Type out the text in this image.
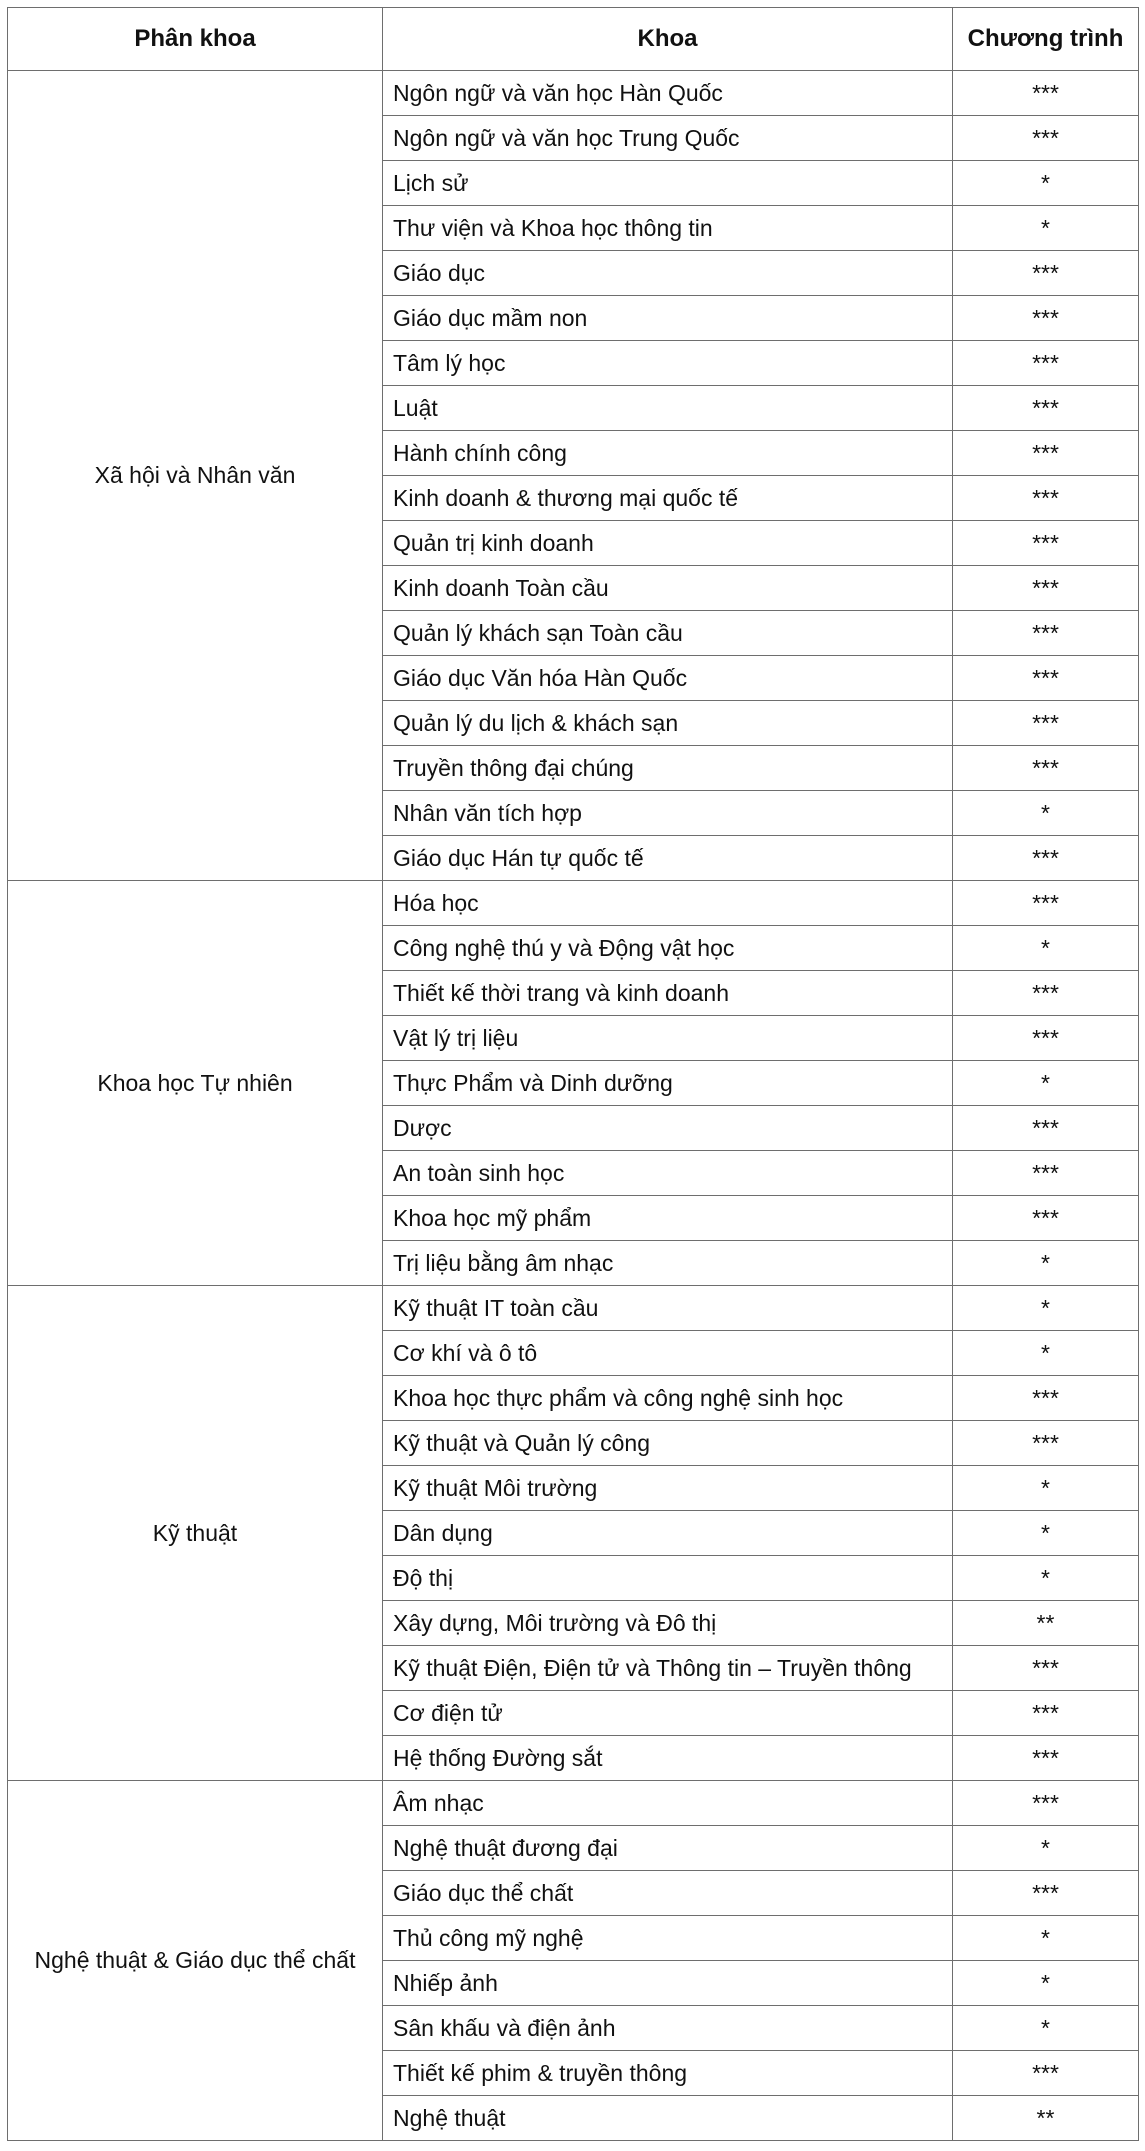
Phân khoa	Khoa	Chương trình
Xã hội và Nhân văn	Ngôn ngữ và văn học Hàn Quốc	***
	Ngôn ngữ và văn học Trung Quốc	***
	Lịch sử	*
	Thư viện và Khoa học thông tin	*
	Giáo dục	***
	Giáo dục mầm non	***
	Tâm lý học	***
	Luật	***
	Hành chính công	***
	Kinh doanh & thương mại quốc tế	***
	Quản trị kinh doanh	***
	Kinh doanh Toàn cầu	***
	Quản lý khách sạn Toàn cầu	***
	Giáo dục Văn hóa Hàn Quốc	***
	Quản lý du lịch & khách sạn	***
	Truyền thông đại chúng	***
	Nhân văn tích hợp	*
	Giáo dục Hán tự quốc tế	***
Khoa học Tự nhiên	Hóa học	***
	Công nghệ thú y và Động vật học	*
	Thiết kế thời trang và kinh doanh	***
	Vật lý trị liệu	***
	Thực Phẩm và Dinh dưỡng	*
	Dược	***
	An toàn sinh học	***
	Khoa học mỹ phẩm	***
	Trị liệu bằng âm nhạc	*
Kỹ thuật	Kỹ thuật IT toàn cầu	*
	Cơ khí và ô tô	*
	Khoa học thực phẩm và công nghệ sinh học	***
	Kỹ thuật và Quản lý công	***
	Kỹ thuật Môi trường	*
	Dân dụng	*
	Độ thị	*
	Xây dựng, Môi trường và Đô thị	**
	Kỹ thuật Điện, Điện tử và Thông tin – Truyền thông	***
	Cơ điện tử	***
	Hệ thống Đường sắt	***
Nghệ thuật & Giáo dục thể chất	Âm nhạc	***
	Nghệ thuật đương đại	*
	Giáo dục thể chất	***
	Thủ công mỹ nghệ	*
	Nhiếp ảnh	*
	Sân khấu và điện ảnh	*
	Thiết kế phim & truyền thông	***
	Nghệ thuật	**
